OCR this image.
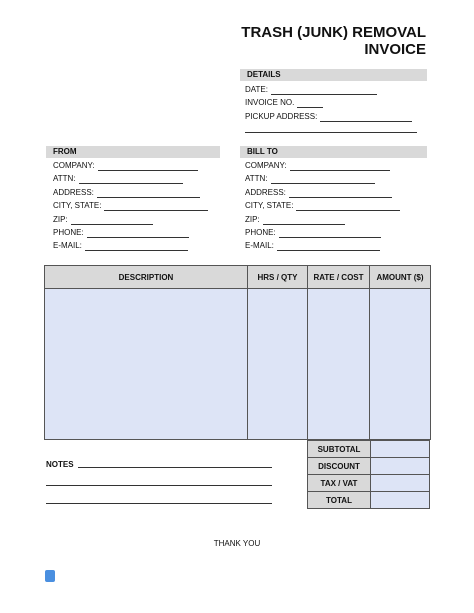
TRASH (JUNK) REMOVAL
INVOICE
DETAILS
DATE:
INVOICE NO.
PICKUP ADDRESS:
FROM
COMPANY:
ATTN:
ADDRESS:
CITY, STATE:
ZIP:
PHONE:
E-MAIL:
BILL TO
COMPANY:
ATTN:
ADDRESS:
CITY, STATE:
ZIP:
PHONE:
E-MAIL:
DESCRIPTION	HRS / QTY	RATE / COST	AMOUNT ($)

SUBTOTAL	
DISCOUNT	
TAX / VAT	
TOTAL	
NOTES
THANK YOU
